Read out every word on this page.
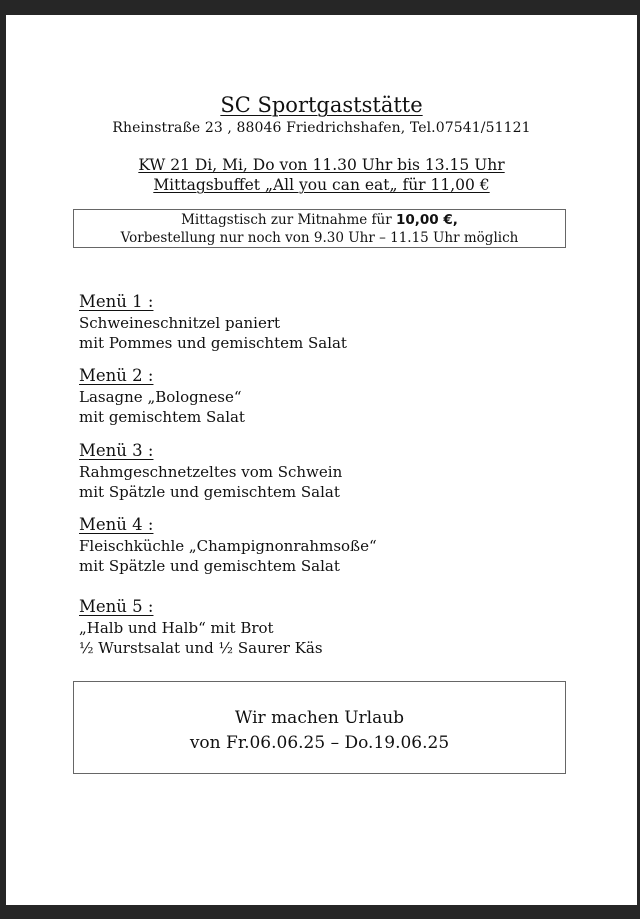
SC Sportgaststätte
Rheinstraße 23 , 88046 Friedrichshafen, Tel.07541/51121
KW 21 Di, Mi, Do von 11.30 Uhr bis 13.15 Uhr
Mittagsbuffet „All you can eat„ für 11,00 €
Mittagstisch zur Mitnahme für 10,00 €,
Vorbestellung nur noch von 9.30 Uhr – 11.15 Uhr möglich
Menü 1 :
Schweineschnitzel paniert
mit Pommes und gemischtem Salat
Menü 2 :
Lasagne „Bolognese“
mit gemischtem Salat
Menü 3 :
Rahmgeschnetzeltes vom Schwein
mit Spätzle und gemischtem Salat
Menü 4 :
Fleischküchle „Champignonrahmsoße“
mit Spätzle und gemischtem Salat
Menü 5 :
„Halb und Halb“ mit Brot
½ Wurstsalat und ½ Saurer Käs
Wir machen Urlaub
von Fr.06.06.25 – Do.19.06.25
